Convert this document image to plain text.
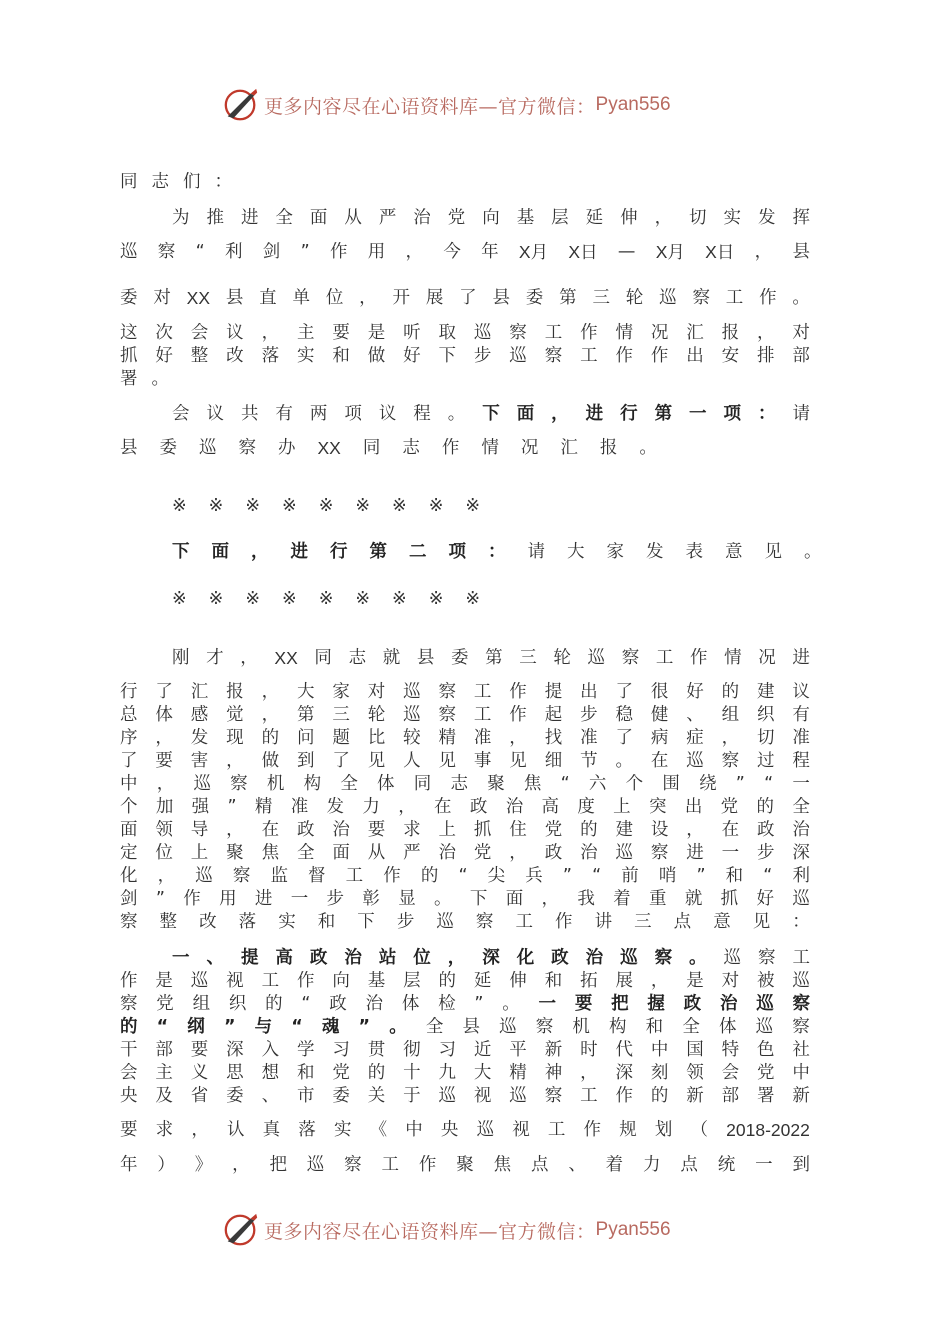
更多内容尽在心语资料库—官方微信： Pyan556
同 志 们 ：
为 推 进 全 面 从 严 治 党 向 基 层 延 伸 ， 切 实 发 挥
巡 察 “ 利 剑 ” 作 用 ， 今 年 X月 X日 — X月 X日 ， 县
委 对 XX 县 直 单 位 ， 开 展 了 县 委 第 三 轮 巡 察 工 作 。
这 次 会 议 ， 主 要 是 听 取 巡 察 工 作 情 况 汇 报 ， 对
抓 好 整 改 落 实 和 做 好 下 步 巡 察 工 作 作 出 安 排 部
署 。
会 议 共 有 两 项 议 程 。 下 面 ， 进 行 第 一 项 ： 请
县 委 巡 察 办 XX 同 志 作 情 况 汇 报 。
※ ※ ※ ※ ※ ※ ※ ※ ※
下 面 ， 进 行 第 二 项 ： 请 大 家 发 表 意 见 。
※ ※ ※ ※ ※ ※ ※ ※ ※
刚 才 ， XX 同 志 就 县 委 第 三 轮 巡 察 工 作 情 况 进
行 了 汇 报 ， 大 家 对 巡 察 工 作 提 出 了 很 好 的 建 议
总 体 感 觉 ， 第 三 轮 巡 察 工 作 起 步 稳 健 、 组 织 有
序 ， 发 现 的 问 题 比 较 精 准 ， 找 准 了 病 症 ， 切 准
了 要 害 ， 做 到 了 见 人 见 事 见 细 节 。 在 巡 察 过 程
中 ， 巡 察 机 构 全 体 同 志 聚 焦 “ 六 个 围 绕 ” “ 一
个 加 强 ” 精 准 发 力 ， 在 政 治 高 度 上 突 出 党 的 全
面 领 导 ， 在 政 治 要 求 上 抓 住 党 的 建 设 ， 在 政 治
定 位 上 聚 焦 全 面 从 严 治 党 ， 政 治 巡 察 进 一 步 深
化 ， 巡 察 监 督 工 作 的 “ 尖 兵 ” “ 前 哨 ” 和 “ 利
剑 ” 作 用 进 一 步 彰 显 。 下 面 ， 我 着 重 就 抓 好 巡
察 整 改 落 实 和 下 步 巡 察 工 作 讲 三 点 意 见 ：
一 、 提 高 政 治 站 位 ， 深 化 政 治 巡 察 。 巡 察 工
作 是 巡 视 工 作 向 基 层 的 延 伸 和 拓 展 ， 是 对 被 巡
察 党 组 织 的 “ 政 治 体 检 ” 。 一 要 把 握 政 治 巡 察
的 “ 纲 ” 与 “ 魂 ” 。 全 县 巡 察 机 构 和 全 体 巡 察
干 部 要 深 入 学 习 贯 彻 习 近 平 新 时 代 中 国 特 色 社
会 主 义 思 想 和 党 的 十 九 大 精 神 ， 深 刻 领 会 党 中
央 及 省 委 、 市 委 关 于 巡 视 巡 察 工 作 的 新 部 署 新
要 求 ， 认 真 落 实 《 中 央 巡 视 工 作 规 划 （ 2018-2022
年 ） 》 ， 把 巡 察 工 作 聚 焦 点 、 着 力 点 统 一 到
更多内容尽在心语资料库—官方微信： Pyan556
